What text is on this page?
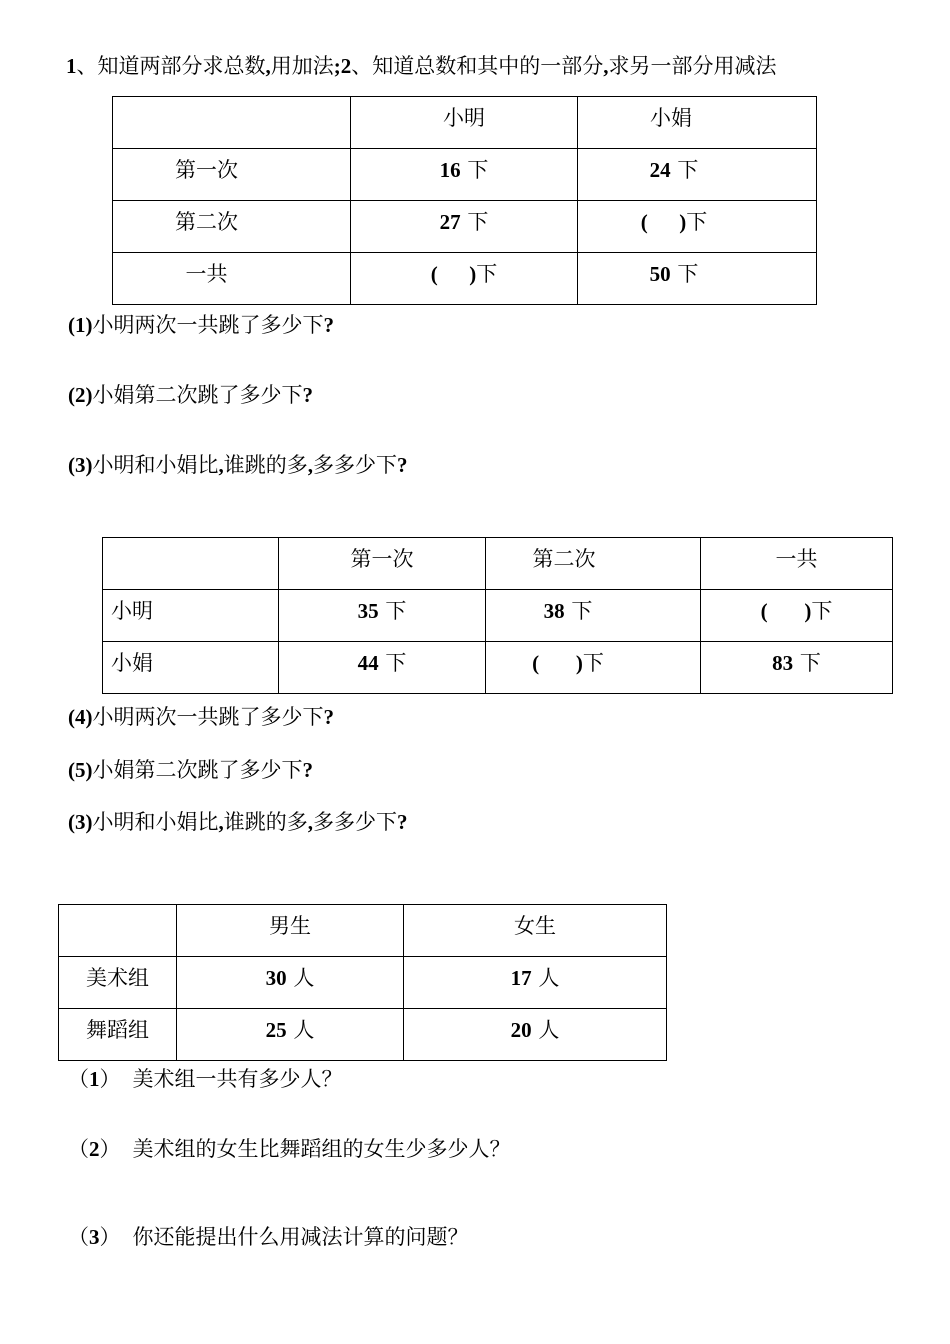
1、知道两部分求总数,用加法;2、知道总数和其中的一部分,求另一部分用减法
	小明	小娟
第一次	16 下	24 下
第二次	27 下	(      )下
一共	(      )下	50 下
(1)小明两次一共跳了多少下?
(2)小娟第二次跳了多少下?
(3)小明和小娟比,谁跳的多,多多少下?
	第一次	第二次	一共
小明	35 下	38 下	(       )下
小娟	44 下	(       )下	83 下
(4)小明两次一共跳了多少下?
(5)小娟第二次跳了多少下?
(3)小明和小娟比,谁跳的多,多多少下?
	男生	女生
美术组	30 人	17 人
舞蹈组	25 人	20 人
（1） 美术组一共有多少人？
（2） 美术组的女生比舞蹈组的女生少多少人？
（3） 你还能提出什么用减法计算的问题？
